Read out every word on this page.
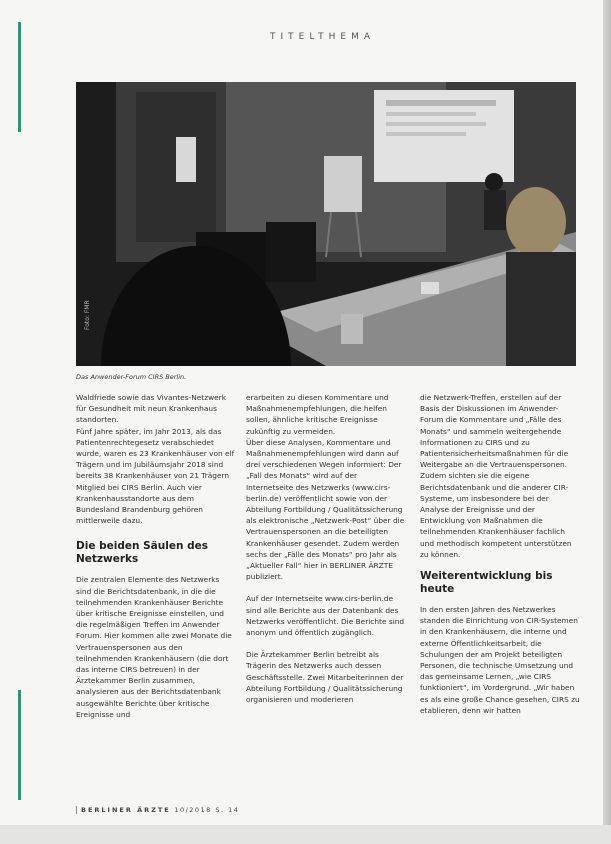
TITELTHEMA
Foto: FMR
Das Anwender-Forum CIRS Berlin.

Waldfriede sowie das Vivantes-Netzwerk für Gesundheit mit neun Krankenhaus standorten.

Fünf Jahre später, im Jahr 2013, als das Patientenrechtegesetz verabschiedet wurde, waren es 23 Krankenhäuser von elf Trägern und im Jubiläumsjahr 2018 sind bereits 38 Krankenhäuser von 21 Trägern Mitglied bei CIRS Berlin. Auch vier Krankenhausstandorte aus dem Bundesland Brandenburg gehören mittlerweile dazu.

Die beiden Säulen des Netzwerks

Die zentralen Elemente des Netzwerks sind die Berichtsdatenbank, in die die teilnehmenden Krankenhäuser Berichte über kritische Ereignisse einstellen, und die regelmäßigen Treffen im Anwender Forum. Hier kommen alle zwei Monate die Vertrauenspersonen aus den teilnehmenden Krankenhäusern (die dort das interne CIRS betreuen) in der Ärztekammer Berlin zusammen, analysieren aus der Berichtsdatenbank ausgewählte Berichte über kritische Ereignisse und

erarbeiten zu diesen Kommentare und Maßnahmenempfehlungen, die helfen sollen, ähnliche kritische Ereignisse zukünftig zu vermeiden.

Über diese Analysen, Kommentare und Maßnahmenempfehlungen wird dann auf drei verschiedenen Wegen informiert: Der „Fall des Monats“ wird auf der Internetseite des Netzwerks (www.cirs-berlin.de) veröffentlicht sowie von der Abteilung Fortbildung / Qualitätssicherung als elektronische „Netzwerk-Post“ über die Vertrauenspersonen an die beteiligten Krankenhäuser gesendet. Zudem werden sechs der „Fälle des Monats“ pro Jahr als „Aktueller Fall“ hier in BERLINER ÄRZTE publiziert.

Auf der Internetseite www.cirs-berlin.de sind alle Berichte aus der Datenbank des Netzwerks veröffentlicht. Die Berichte sind anonym und öffentlich zugänglich.

Die Ärztekammer Berlin betreibt als Trägerin des Netzwerks auch dessen Geschäftsstelle. Zwei Mitarbeiterinnen der Abteilung Fortbildung / Qualitätssicherung organisieren und moderieren

die Netzwerk-Treffen, erstellen auf der Basis der Diskussionen im Anwender-Forum die Kommentare und „Fälle des Monats“ und sammeln weitergehende Informationen zu CIRS und zu Patientensicherheitsmaßnahmen für die Weitergabe an die Vertrauenspersonen. Zudem sichten sie die eigene Berichtsdatenbank und die anderer CIR-Systeme, um insbesondere bei der Analyse der Ereignisse und der Entwicklung von Maßnahmen die teilnehmenden Krankenhäuser fachlich und methodisch kompetent unterstützen zu können.

Weiterentwicklung bis heute

In den ersten Jahren des Netzwerkes standen die Einrichtung von CIR-Systemen in den Krankenhäusern, die interne und externe Öffentlichkeitsarbeit, die Schulungen der am Projekt beteiligten Personen, die technische Umsetzung und das gemeinsame Lernen, „wie CIRS funktioniert“, im Vordergrund. „Wir haben es als eine große Chance gesehen, CIRS zu etablieren, denn wir hatten

BERLINER ÄRZTE 10/2018 S. 14
